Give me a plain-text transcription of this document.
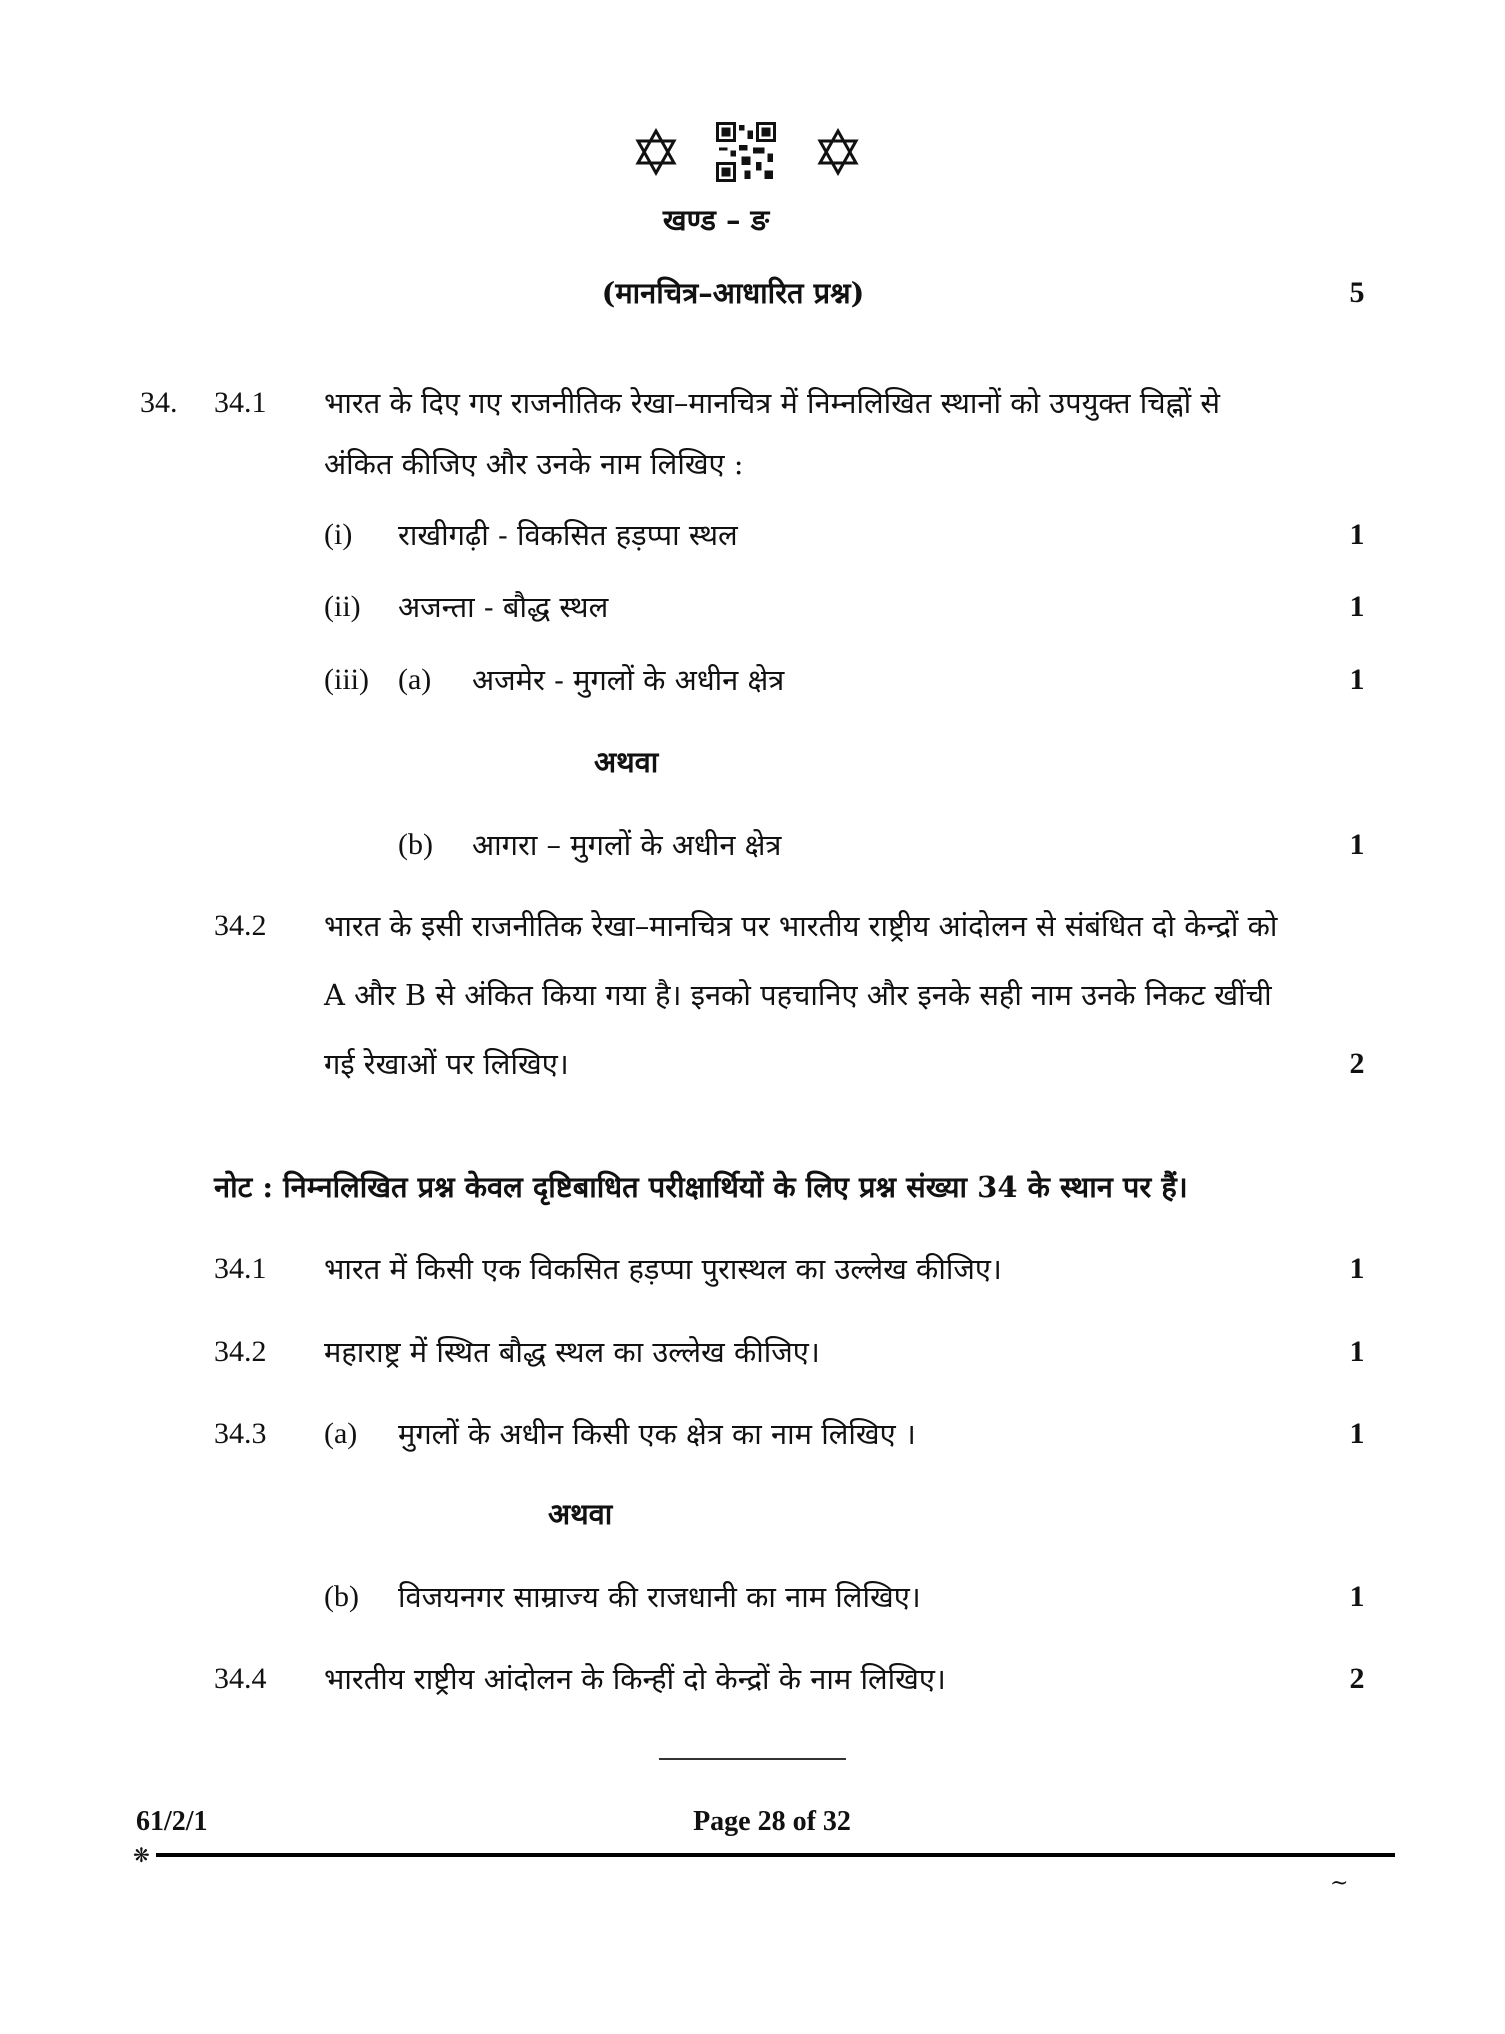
खण्ड – ङ
(मानचित्र–आधारित प्रश्न)	5
34. 34.1 भारत के दिए गए राजनीतिक रेखा–मानचित्र में निम्नलिखित स्थानों को उपयुक्त चिह्नों से
अंकित कीजिए और उनके नाम लिखिए :
(i) राखीगढ़ी - विकसित हड़प्पा स्थल	1
(ii) अजन्ता - बौद्ध स्थल	1
(iii) (a) अजमेर - मुगलों के अधीन क्षेत्र	1
अथवा
(b) आगरा – मुगलों के अधीन क्षेत्र	1
34.2 भारत के इसी राजनीतिक रेखा–मानचित्र पर भारतीय राष्ट्रीय आंदोलन से संबंधित दो केन्द्रों को
A और B से अंकित किया गया है। इनको पहचानिए और इनके सही नाम उनके निकट खींची
गई रेखाओं पर लिखिए।	2
नोट : निम्नलिखित प्रश्न केवल दृष्टिबाधित परीक्षार्थियों के लिए प्रश्न संख्या 34 के स्थान पर हैं।
34.1 भारत में किसी एक विकसित हड़प्पा पुरास्थल का उल्लेख कीजिए।	1
34.2 महाराष्ट्र में स्थित बौद्ध स्थल का उल्लेख कीजिए।	1
34.3 (a) मुगलों के अधीन किसी एक क्षेत्र का नाम लिखिए ।	1
अथवा
(b) विजयनगर साम्राज्य की राजधानी का नाम लिखिए।	1
34.4 भारतीय राष्ट्रीय आंदोलन के किन्हीं दो केन्द्रों के नाम लिखिए।	2
61/2/1	Page 28 of 32
❋
~
